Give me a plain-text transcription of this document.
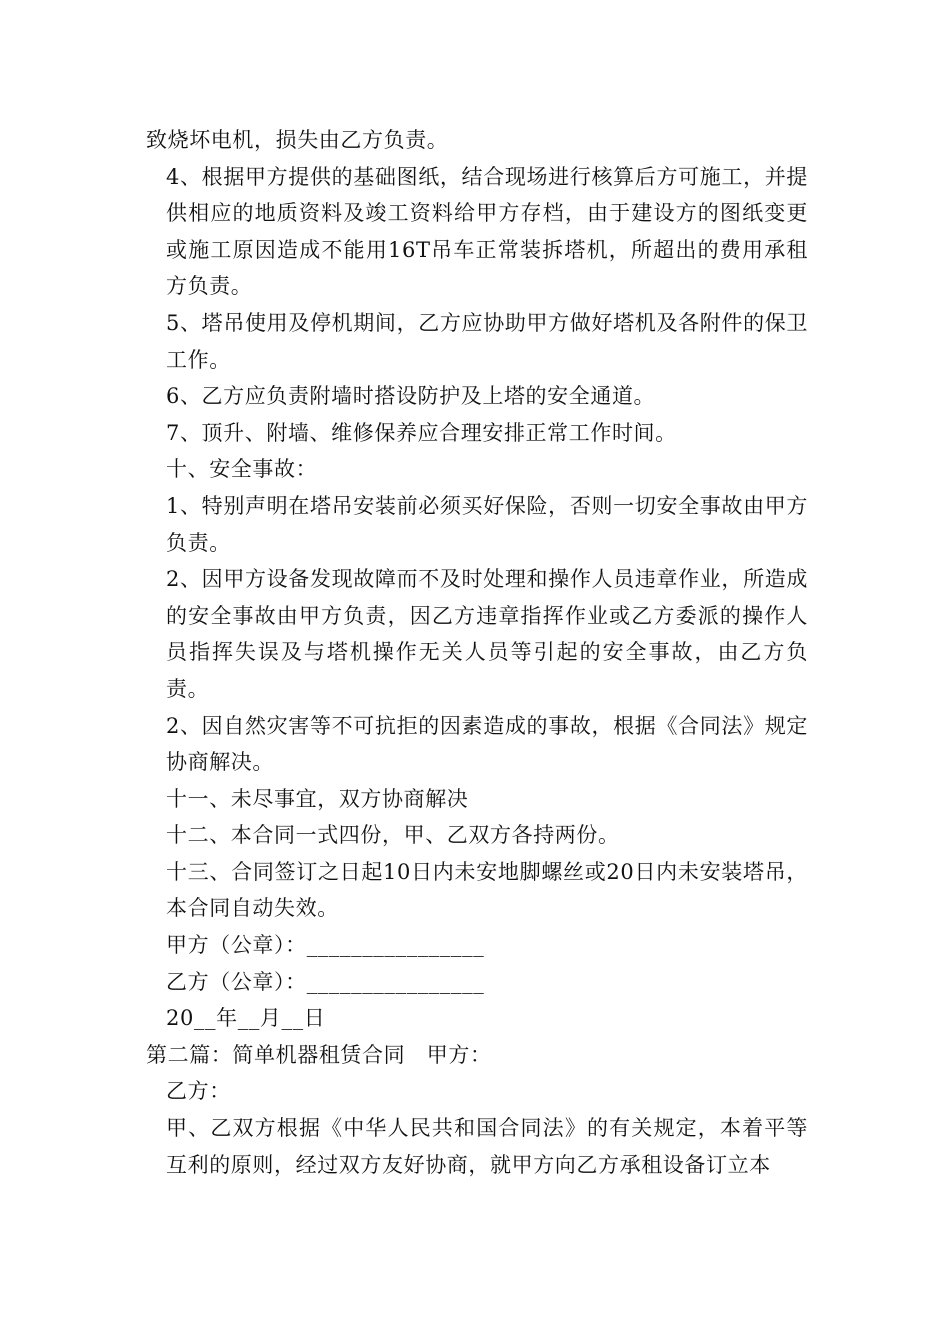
致烧坏电机，损失由乙方负责。

4、根据甲方提供的基础图纸，结合现场进行核算后方可施工，并提供相应的地质资料及竣工资料给甲方存档，由于建设方的图纸变更或施工原因造成不能用16T吊车正常装拆塔机，所超出的费用承租方负责。

5、塔吊使用及停机期间，乙方应协助甲方做好塔机及各附件的保卫工作。

6、乙方应负责附墙时搭设防护及上塔的安全通道。

7、顶升、附墙、维修保养应合理安排正常工作时间。

十、安全事故：

1、特别声明在塔吊安装前必须买好保险，否则一切安全事故由甲方负责。

2、因甲方设备发现故障而不及时处理和操作人员违章作业，所造成的安全事故由甲方负责，因乙方违章指挥作业或乙方委派的操作人员指挥失误及与塔机操作无关人员等引起的安全事故，由乙方负责。

2、因自然灾害等不可抗拒的因素造成的事故，根据《合同法》规定协商解决。

十一、未尽事宜，双方协商解决

十二、本合同一式四份，甲、乙双方各持两份。

十三、合同签订之日起10日内未安地脚螺丝或20日内未安装塔吊，本合同自动失效。

甲方（公章）：________________

乙方（公章）：________________

20__年__月__日

第二篇：简单机器租赁合同　甲方：

乙方：

甲、乙双方根据《中华人民共和国合同法》的有关规定，本着平等互利的原则，经过双方友好协商，就甲方向乙方承租设备订立本
